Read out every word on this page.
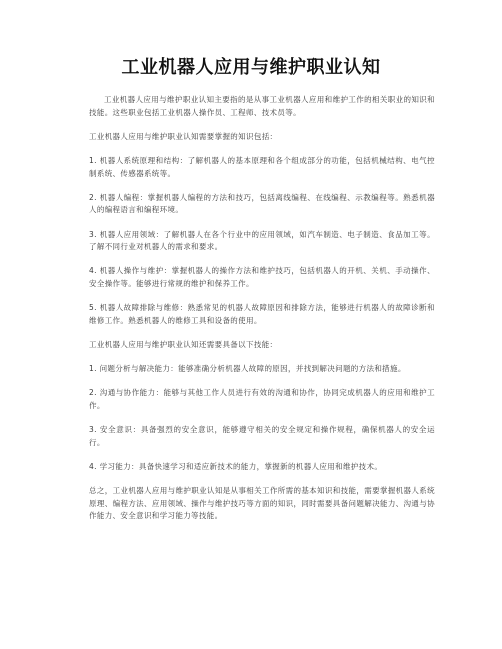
工业机器人应用与维护职业认知

工业机器人应用与维护职业认知主要指的是从事工业机器人应用和维护工作的相关职业的知识和技能。这些职业包括工业机器人操作员、工程师、技术员等。

工业机器人应用与维护职业认知需要掌握的知识包括：

1. 机器人系统原理和结构：了解机器人的基本原理和各个组成部分的功能，包括机械结构、电气控制系统、传感器系统等。

2. 机器人编程：掌握机器人编程的方法和技巧，包括离线编程、在线编程、示教编程等。熟悉机器人的编程语言和编程环境。

3. 机器人应用领域：了解机器人在各个行业中的应用领域，如汽车制造、电子制造、食品加工等。了解不同行业对机器人的需求和要求。

4. 机器人操作与维护：掌握机器人的操作方法和维护技巧，包括机器人的开机、关机、手动操作、安全操作等。能够进行常规的维护和保养工作。

5. 机器人故障排除与维修：熟悉常见的机器人故障原因和排除方法，能够进行机器人的故障诊断和维修工作。熟悉机器人的维修工具和设备的使用。

工业机器人应用与维护职业认知还需要具备以下技能：

1. 问题分析与解决能力：能够准确分析机器人故障的原因，并找到解决问题的方法和措施。

2. 沟通与协作能力：能够与其他工作人员进行有效的沟通和协作，协同完成机器人的应用和维护工作。

3. 安全意识：具备强烈的安全意识，能够遵守相关的安全规定和操作规程，确保机器人的安全运行。

4. 学习能力：具备快速学习和适应新技术的能力，掌握新的机器人应用和维护技术。

总之，工业机器人应用与维护职业认知是从事相关工作所需的基本知识和技能，需要掌握机器人系统原理、编程方法、应用领域、操作与维护技巧等方面的知识，同时需要具备问题解决能力、沟通与协作能力、安全意识和学习能力等技能。
